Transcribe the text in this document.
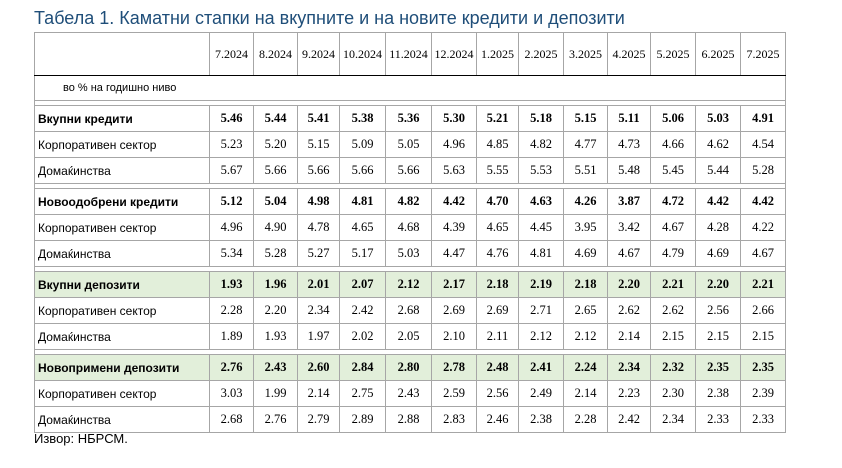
Табела 1. Каматни стапки на вкупните и на новите кредити и депозити
	7.2024	8.2024	9.2024	10.2024	11.2024	12.2024	1.2025	2.2025	3.2025	4.2025	5.2025	6.2025	7.2025
во % на годишно ниво													

Вкупни кредити	5.46	5.44	5.41	5.38	5.36	5.30	5.21	5.18	5.15	5.11	5.06	5.03	4.91
Корпоративен сектор	5.23	5.20	5.15	5.09	5.05	4.96	4.85	4.82	4.77	4.73	4.66	4.62	4.54
Домаќинства	5.67	5.66	5.66	5.66	5.66	5.63	5.55	5.53	5.51	5.48	5.45	5.44	5.28

Новоодобрени кредити	5.12	5.04	4.98	4.81	4.82	4.42	4.70	4.63	4.26	3.87	4.72	4.42	4.42
Корпоративен сектор	4.96	4.90	4.78	4.65	4.68	4.39	4.65	4.45	3.95	3.42	4.67	4.28	4.22
Домаќинства	5.34	5.28	5.27	5.17	5.03	4.47	4.76	4.81	4.69	4.67	4.79	4.69	4.67

Вкупни депозити	1.93	1.96	2.01	2.07	2.12	2.17	2.18	2.19	2.18	2.20	2.21	2.20	2.21
Корпоративен сектор	2.28	2.20	2.34	2.42	2.68	2.69	2.69	2.71	2.65	2.62	2.62	2.56	2.66
Домаќинства	1.89	1.93	1.97	2.02	2.05	2.10	2.11	2.12	2.12	2.14	2.15	2.15	2.15

Новопримени депозити	2.76	2.43	2.60	2.84	2.80	2.78	2.48	2.41	2.24	2.34	2.32	2.35	2.35
Корпоративен сектор	3.03	1.99	2.14	2.75	2.43	2.59	2.56	2.49	2.14	2.23	2.30	2.38	2.39
Домаќинства	2.68	2.76	2.79	2.89	2.88	2.83	2.46	2.38	2.28	2.42	2.34	2.33	2.33
Извор: НБРСМ.
